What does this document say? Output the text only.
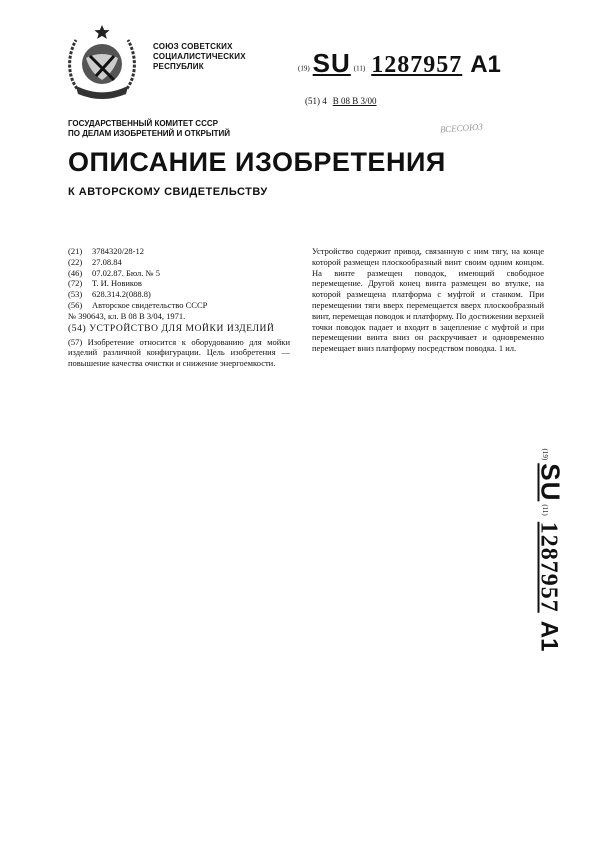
СОЮЗ СОВЕТСКИХ
СОЦИАЛИСТИЧЕСКИХ
РЕСПУБЛИК	(19) SU (11) 1287957 A1
(51) 4 B 08 B 3/00
ВСЕСОЮЗ
ГОСУДАРСТВЕННЫЙ КОМИТЕТ СССР
ПО ДЕЛАМ ИЗОБРЕТЕНИЙ И ОТКРЫТИЙ
ОПИСАНИЕ ИЗОБРЕТЕНИЯ
К АВТОРСКОМУ СВИДЕТЕЛЬСТВУ
(21) 3784320/28-12
(22) 27.08.84
(46) 07.02.87. Бюл. № 5
(72) Т. И. Новиков
(53) 628.314.2(088.8)
(56) Авторское свидетельство СССР
№ 390643, кл. B 08 B 3/04, 1971.
(54) УСТРОЙСТВО ДЛЯ МОЙКИ ИЗДЕЛИЙ
(57) Изобретение относится к оборудованию для мойки изделий различной конфигурации. Цель изобретения — повышение качества очистки и снижение энергоемкости.
Устройство содержит привод, связанную с ним тягу, на конце которой размещен плоскообразный винт своим одним концом. На винте размещен поводок, имеющий свободное перемещение. Другой конец винта размещен во втулке, на которой размещена платформа с муфтой и станком. При перемещении тяги вверх перемещается вверх плоскообразный винт, перемещая поводок и платформу. По достижении верхней точки поводок падает и входит в зацепление с муфтой и при перемещении винта вниз он раскручивает и одновременно перемещает вниз платформу посредством поводка. 1 ил.
(19)SU(11)1287957A1
